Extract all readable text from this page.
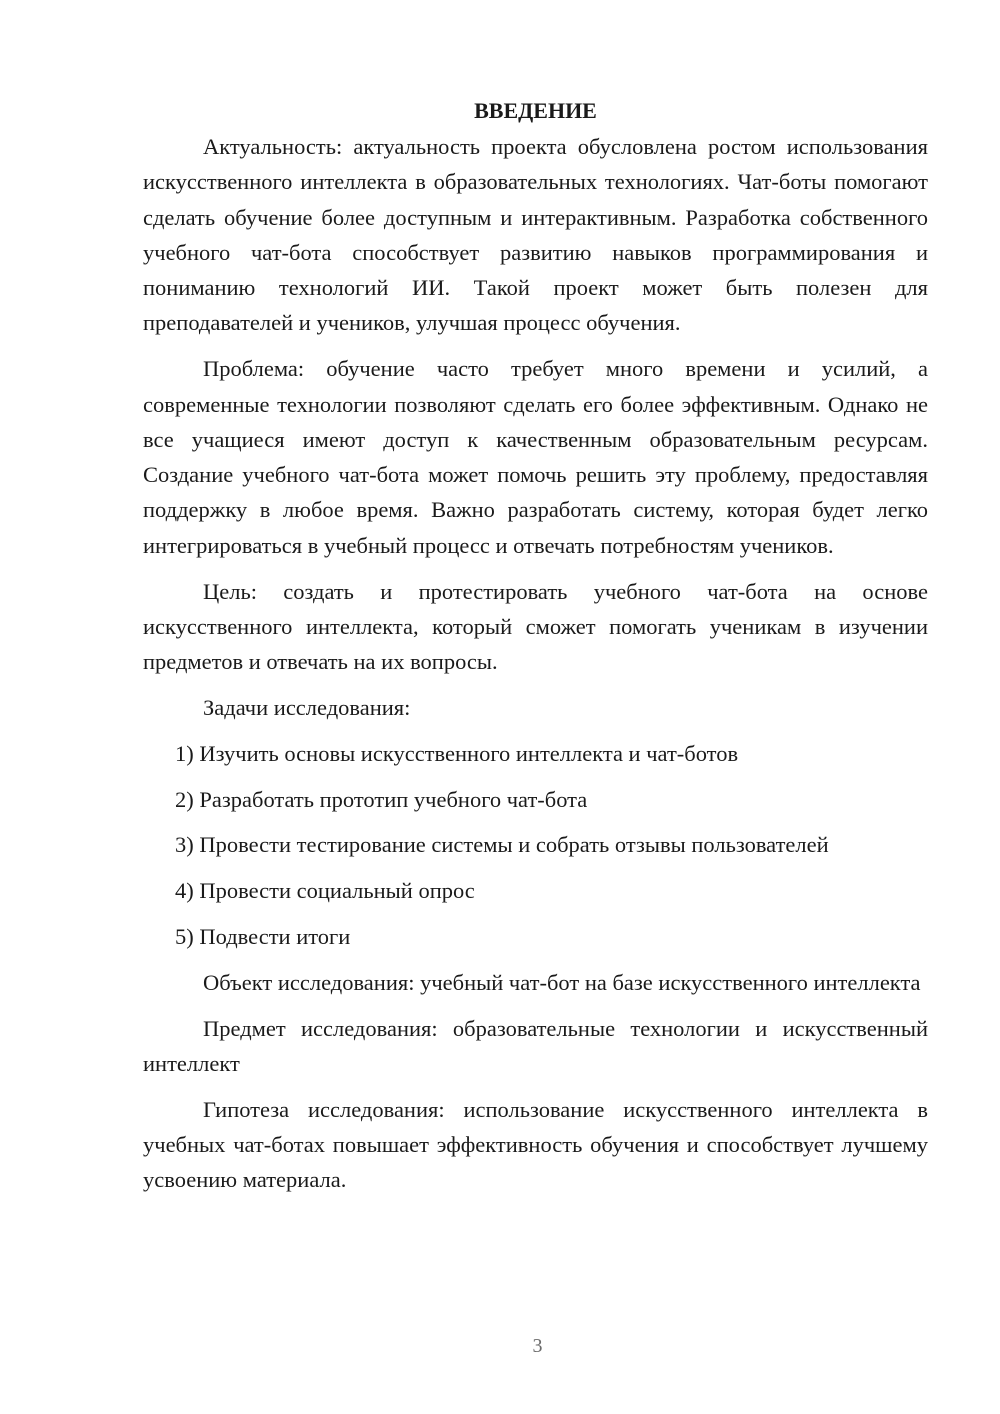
ВВЕДЕНИЕ

Актуальность: актуальность проекта обусловлена ростом использования искусственного интеллекта в образовательных технологиях. Чат-боты помогают сделать обучение более доступным и интерактивным. Разработка собственного учебного чат-бота способствует развитию навыков программирования и пониманию технологий ИИ. Такой проект может быть полезен для преподавателей и учеников, улучшая процесс обучения.

Проблема: обучение часто требует много времени и усилий, а современные технологии позволяют сделать его более эффективным. Однако не все учащиеся имеют доступ к качественным образовательным ресурсам. Создание учебного чат-бота может помочь решить эту проблему, предоставляя поддержку в любое время. Важно разработать систему, которая будет легко интегрироваться в учебный процесс и отвечать потребностям учеников.

Цель: создать и протестировать учебного чат-бота на основе искусственного интеллекта, который сможет помогать ученикам в изучении предметов и отвечать на их вопросы.

Задачи исследования:

1) Изучить основы искусственного интеллекта и чат-ботов
2) Разработать прототип учебного чат-бота
3) Провести тестирование системы и собрать отзывы пользователей
4) Провести социальный опрос
5) Подвести итоги

Объект исследования: учебный чат-бот на базе искусственного интеллекта

Предмет исследования: образовательные технологии и искусственный интеллект

Гипотеза исследования: использование искусственного интеллекта в учебных чат-ботах повышает эффективность обучения и способствует лучшему усвоению материала.

3
